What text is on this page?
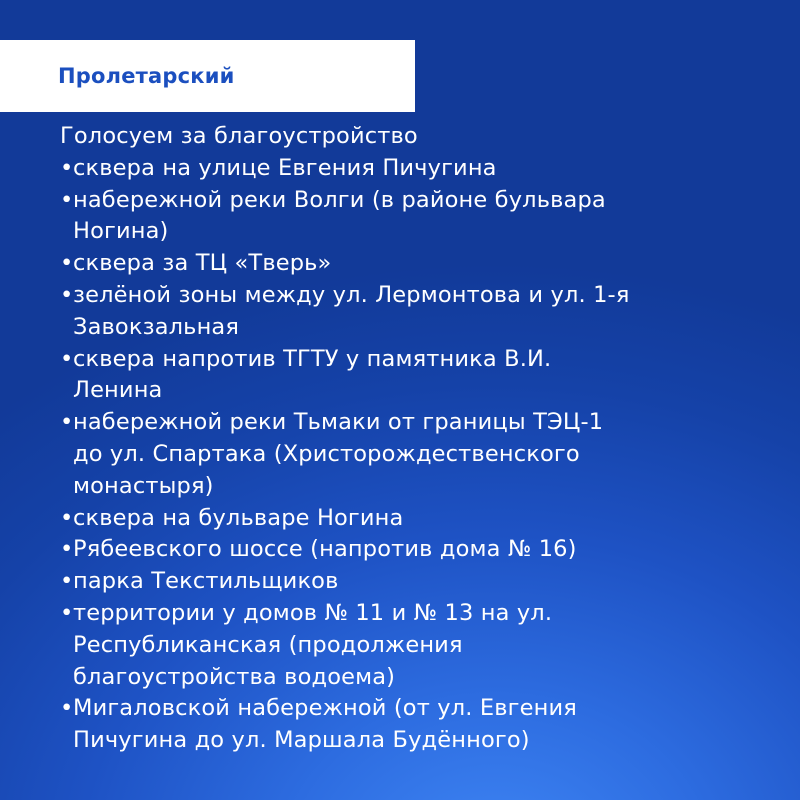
Пролетарский

Голосуем за благоустройство

• сквера на улице Евгения Пичугина
• набережной реки Волги (в районе бульвара
Ногина)
• сквера за ТЦ «Тверь»
• зелёной зоны между ул. Лермонтова и ул. 1-я
Завокзальная
• сквера напротив ТГТУ у памятника В.И.
Ленина
• набережной реки Тьмаки от границы ТЭЦ-1
до ул. Спартака (Христорождественского
монастыря)
• сквера на бульваре Ногина
• Рябеевского шоссе (напротив дома № 16)
• парка Текстильщиков
• территории у домов № 11 и № 13 на ул.
Республиканская (продолжения
благоустройства водоема)
• Мигаловской набережной (от ул. Евгения
Пичугина до ул. Маршала Будённого)
